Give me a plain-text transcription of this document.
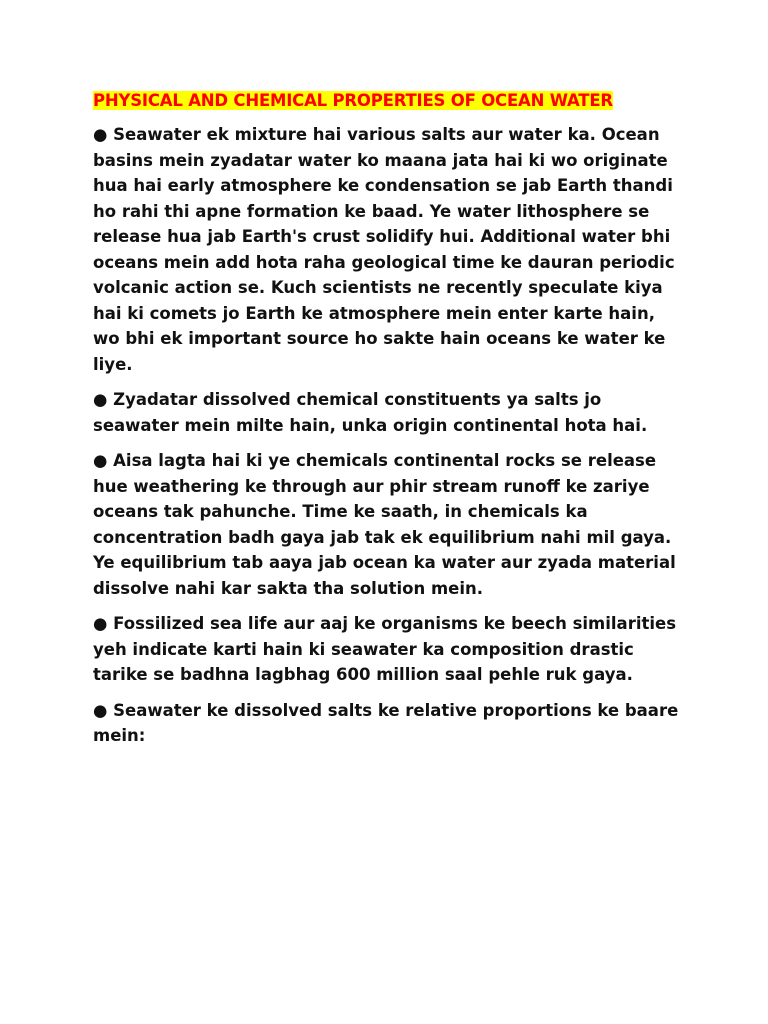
PHYSICAL AND CHEMICAL PROPERTIES OF OCEAN WATER

● Seawater ek mixture hai various salts aur water ka. Ocean basins mein zyadatar water ko maana jata hai ki wo originate hua hai early atmosphere ke condensation se jab Earth thandi ho rahi thi apne formation ke baad. Ye water lithosphere se release hua jab Earth's crust solidify hui. Additional water bhi oceans mein add hota raha geological time ke dauran periodic volcanic action se. Kuch scientists ne recently speculate kiya hai ki comets jo Earth ke atmosphere mein enter karte hain, wo bhi ek important source ho sakte hain oceans ke water ke liye.

● Zyadatar dissolved chemical constituents ya salts jo seawater mein milte hain, unka origin continental hota hai.

● Aisa lagta hai ki ye chemicals continental rocks se release hue weathering ke through aur phir stream runoff ke zariye oceans tak pahunche. Time ke saath, in chemicals ka concentration badh gaya jab tak ek equilibrium nahi mil gaya. Ye equilibrium tab aaya jab ocean ka water aur zyada material dissolve nahi kar sakta tha solution mein.

● Fossilized sea life aur aaj ke organisms ke beech similarities yeh indicate karti hain ki seawater ka composition drastic tarike se badhna lagbhag 600 million saal pehle ruk gaya.

● Seawater ke dissolved salts ke relative proportions ke baare mein:
